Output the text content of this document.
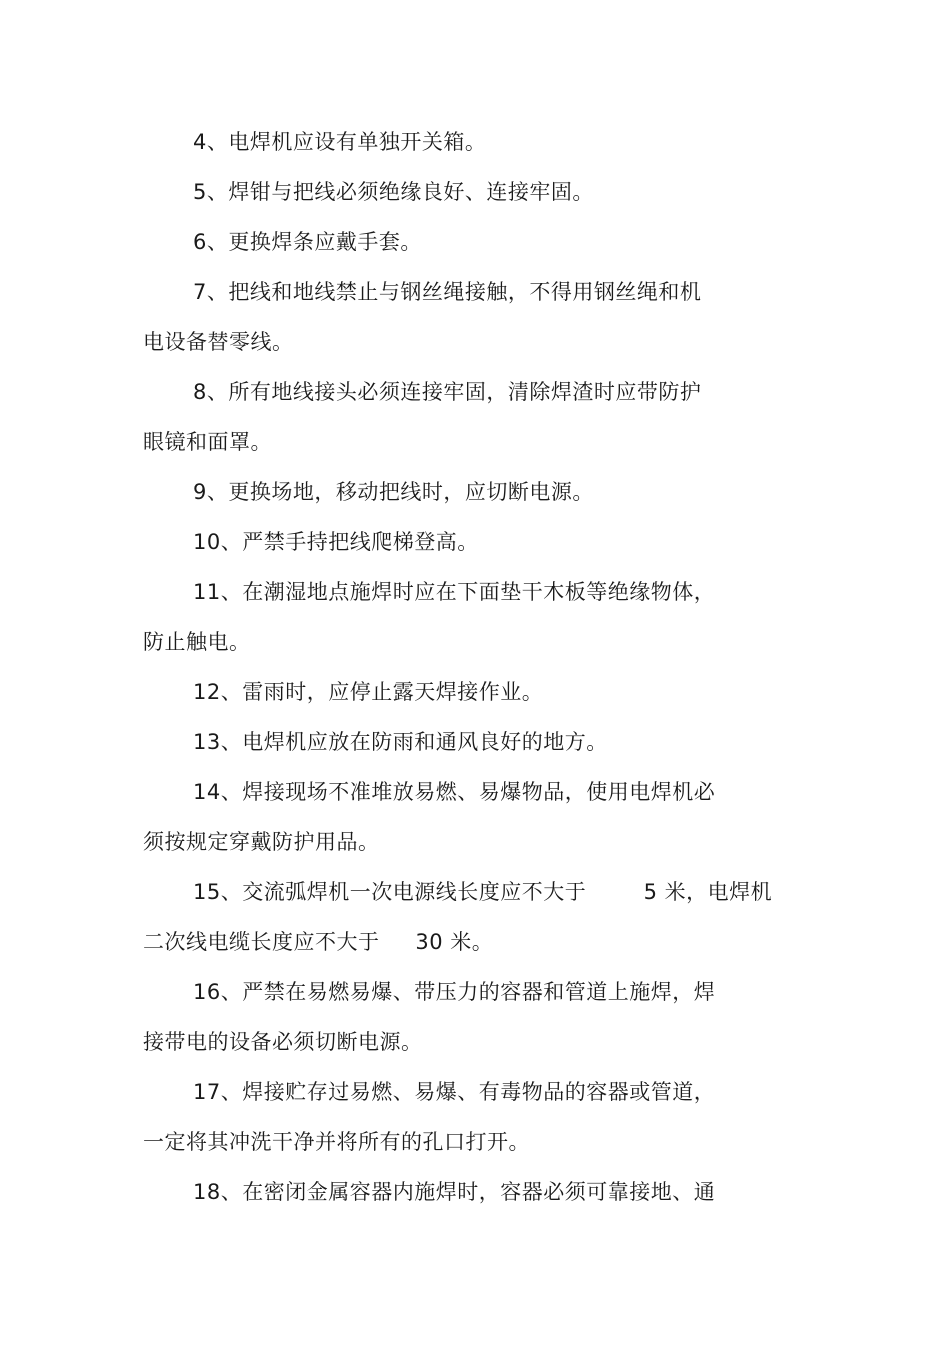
4、电焊机应设有单独开关箱。
5、焊钳与把线必须绝缘良好、连接牢固。
6、更换焊条应戴手套。
7、把线和地线禁止与钢丝绳接触，不得用钢丝绳和机
电设备替零线。
8、所有地线接头必须连接牢固，清除焊渣时应带防护
眼镜和面罩。
9、更换场地，移动把线时，应切断电源。
10、严禁手持把线爬梯登高。
11、在潮湿地点施焊时应在下面垫干木板等绝缘物体，
防止触电。
12、雷雨时，应停止露天焊接作业。
13、电焊机应放在防雨和通风良好的地方。
14、焊接现场不准堆放易燃、易爆物品，使用电焊机必
须按规定穿戴防护用品。
15、交流弧焊机一次电源线长度应不大于        5 米，电焊机
二次线电缆长度应不大于     30 米。
16、严禁在易燃易爆、带压力的容器和管道上施焊，焊
接带电的设备必须切断电源。
17、焊接贮存过易燃、易爆、有毒物品的容器或管道，
一定将其冲洗干净并将所有的孔口打开。
18、在密闭金属容器内施焊时，容器必须可靠接地、通
